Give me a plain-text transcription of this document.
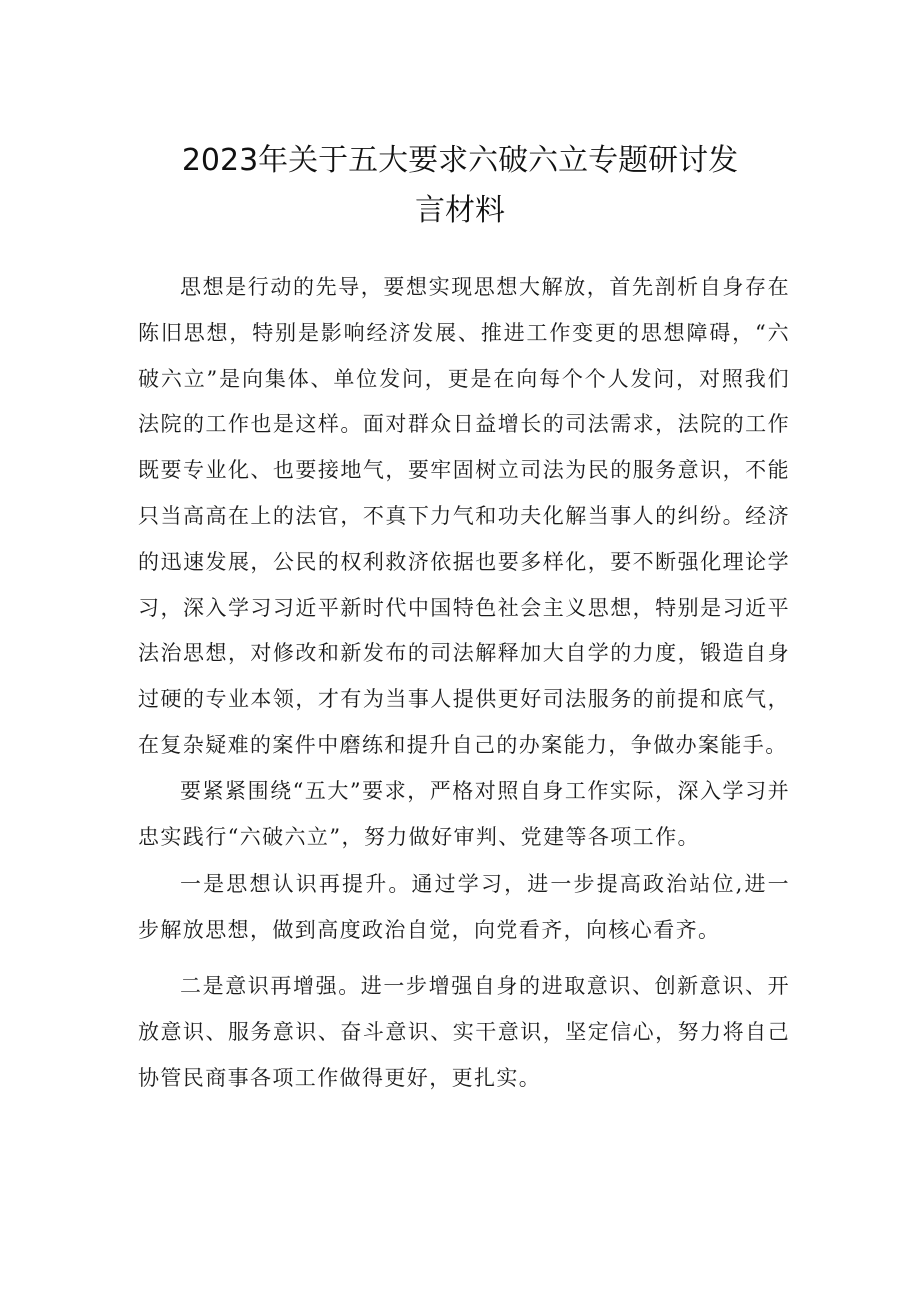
2023年关于五大要求六破六立专题研讨发
言材料

思想是行动的先导，要想实现思想大解放，首先剖析自身存在陈旧思想，特别是影响经济发展、推进工作变更的思想障碍，“六破六立”是向集体、单位发问，更是在向每个个人发问，对照我们法院的工作也是这样。面对群众日益增长的司法需求，法院的工作既要专业化、也要接地气，要牢固树立司法为民的服务意识，不能只当高高在上的法官，不真下力气和功夫化解当事人的纠纷。经济的迅速发展，公民的权利救济依据也要多样化，要不断强化理论学习，深入学习习近平新时代中国特色社会主义思想，特别是习近平法治思想，对修改和新发布的司法解释加大自学的力度，锻造自身过硬的专业本领，才有为当事人提供更好司法服务的前提和底气，在复杂疑难的案件中磨练和提升自己的办案能力，争做办案能手。

要紧紧围绕“五大”要求，严格对照自身工作实际，深入学习并忠实践行“六破六立”，努力做好审判、党建等各项工作。

一是思想认识再提升。通过学习，进一步提高政治站位,进一步解放思想，做到高度政治自觉，向党看齐，向核心看齐。

二是意识再增强。进一步增强自身的进取意识、创新意识、开放意识、服务意识、奋斗意识、实干意识，坚定信心，努力将自己协管民商事各项工作做得更好，更扎实。
